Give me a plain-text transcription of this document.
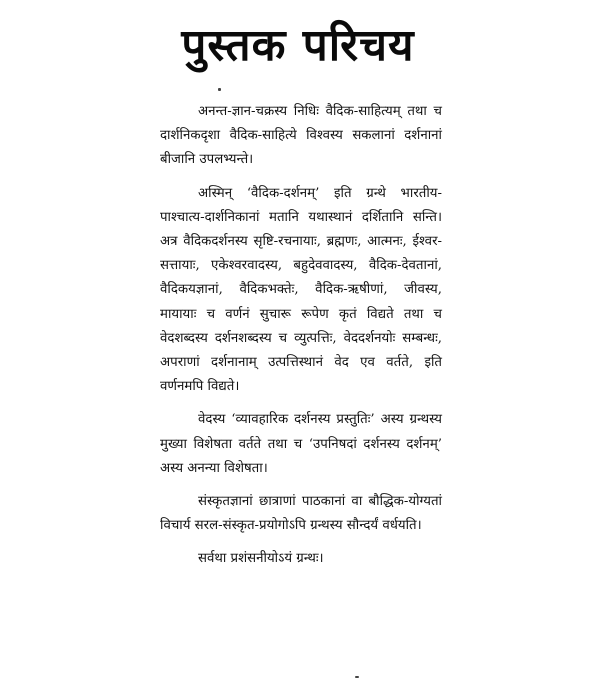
पुस्तक परिचय

अनन्त-ज्ञान-चक्रस्य निधिः वैदिक-साहित्यम् तथा च दार्शनिकदृशा वैदिक-साहित्ये विश्वस्य सकलानां दर्शनानां बीजानि उपलभ्यन्ते।

अस्मिन् ‘वैदिक-दर्शनम्’ इति ग्रन्थे भारतीय-पाश्चात्य-दार्शनिकानां मतानि यथास्थानं दर्शितानि सन्ति। अत्र वैदिकदर्शनस्य सृष्टि-रचनायाः, ब्रह्मणः, आत्मनः, ईश्वर-सत्तायाः, एकेश्वरवादस्य, बहुदेववादस्य, वैदिक-देवतानां, वैदिकयज्ञानां, वैदिकभक्तेः, वैदिक-ऋषीणां, जीवस्य, मायायाः च वर्णनं सुचारू रूपेण कृतं विद्यते तथा च वेदशब्दस्य दर्शनशब्दस्य च व्युत्पत्तिः, वेददर्शनयोः सम्बन्धः, अपराणां दर्शनानाम् उत्पत्तिस्थानं वेद एव वर्तते, इति वर्णनमपि विद्यते।

वेदस्य ‘व्यावहारिक दर्शनस्य प्रस्तुतिः’ अस्य ग्रन्थस्य मुख्या विशेषता वर्तते तथा च ‘उपनिषदां दर्शनस्य दर्शनम्’ अस्य अनन्या विशेषता।

संस्कृतज्ञानां छात्राणां पाठकानां वा बौद्धिक-योग्यतां विचार्य सरल-संस्कृत-प्रयोगोऽपि ग्रन्थस्य सौन्दर्यं वर्धयति।

सर्वथा प्रशंसनीयोऽयं ग्रन्थः।
